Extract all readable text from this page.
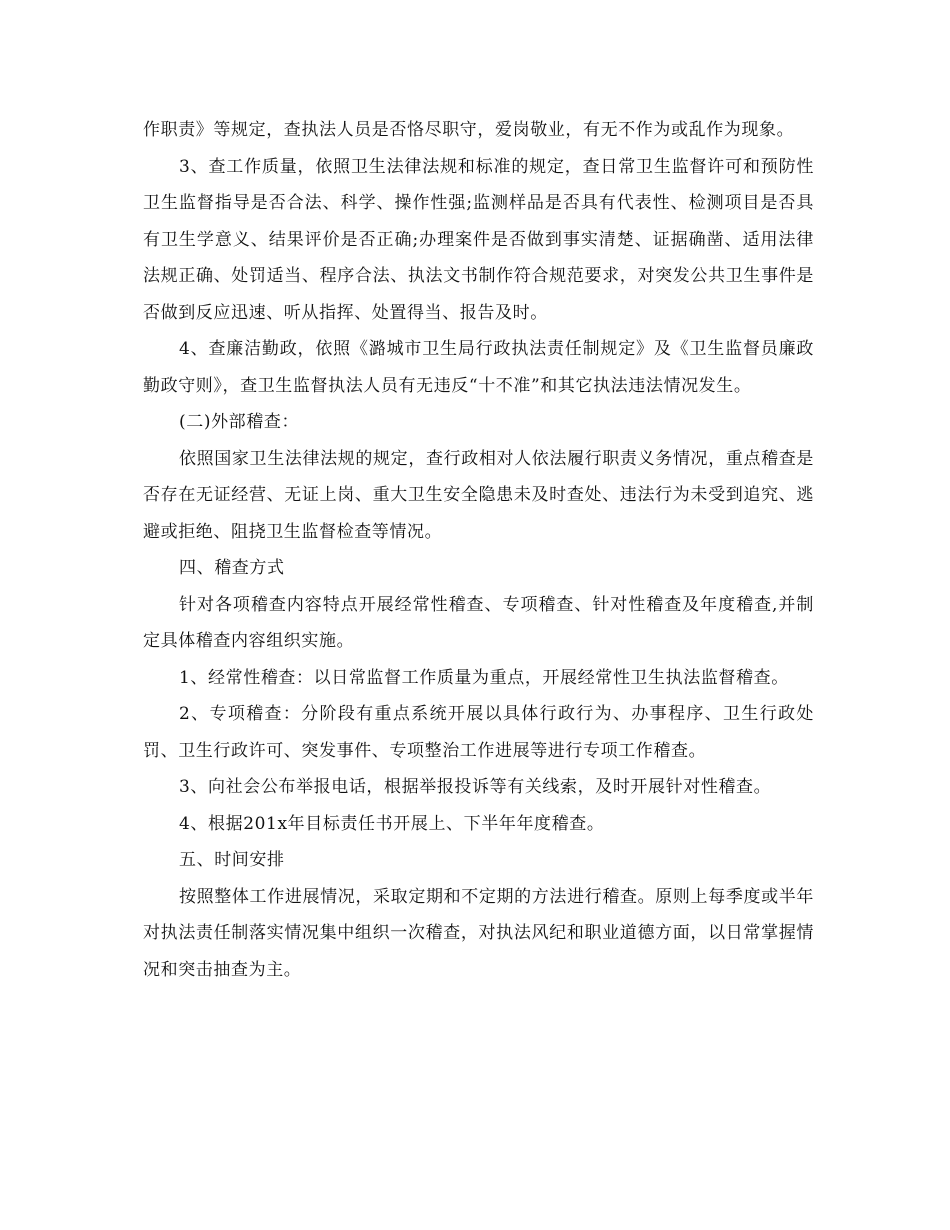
作职责》等规定，查执法人员是否恪尽职守，爱岗敬业，有无不作为或乱作为现象。

3、查工作质量，依照卫生法律法规和标准的规定，查日常卫生监督许可和预防性卫生监督指导是否合法、科学、操作性强;监测样品是否具有代表性、检测项目是否具有卫生学意义、结果评价是否正确;办理案件是否做到事实清楚、证据确凿、适用法律法规正确、处罚适当、程序合法、执法文书制作符合规范要求，对突发公共卫生事件是否做到反应迅速、听从指挥、处置得当、报告及时。

4、查廉洁勤政，依照《潞城市卫生局行政执法责任制规定》及《卫生监督员廉政勤政守则》，查卫生监督执法人员有无违反“十不准”和其它执法违法情况发生。

(二)外部稽查：

依照国家卫生法律法规的规定，查行政相对人依法履行职责义务情况，重点稽查是否存在无证经营、无证上岗、重大卫生安全隐患未及时查处、违法行为未受到追究、逃避或拒绝、阻挠卫生监督检查等情况。

四、稽查方式

针对各项稽查内容特点开展经常性稽查、专项稽查、针对性稽查及年度稽查,并制定具体稽查内容组织实施。

1、经常性稽查：以日常监督工作质量为重点，开展经常性卫生执法监督稽查。

2、专项稽查：分阶段有重点系统开展以具体行政行为、办事程序、卫生行政处罚、卫生行政许可、突发事件、专项整治工作进展等进行专项工作稽查。

3、向社会公布举报电话，根据举报投诉等有关线索，及时开展针对性稽查。

4、根据201x年目标责任书开展上、下半年年度稽查。

五、时间安排

按照整体工作进展情况，采取定期和不定期的方法进行稽查。原则上每季度或半年对执法责任制落实情况集中组织一次稽查，对执法风纪和职业道德方面，以日常掌握情况和突击抽查为主。
